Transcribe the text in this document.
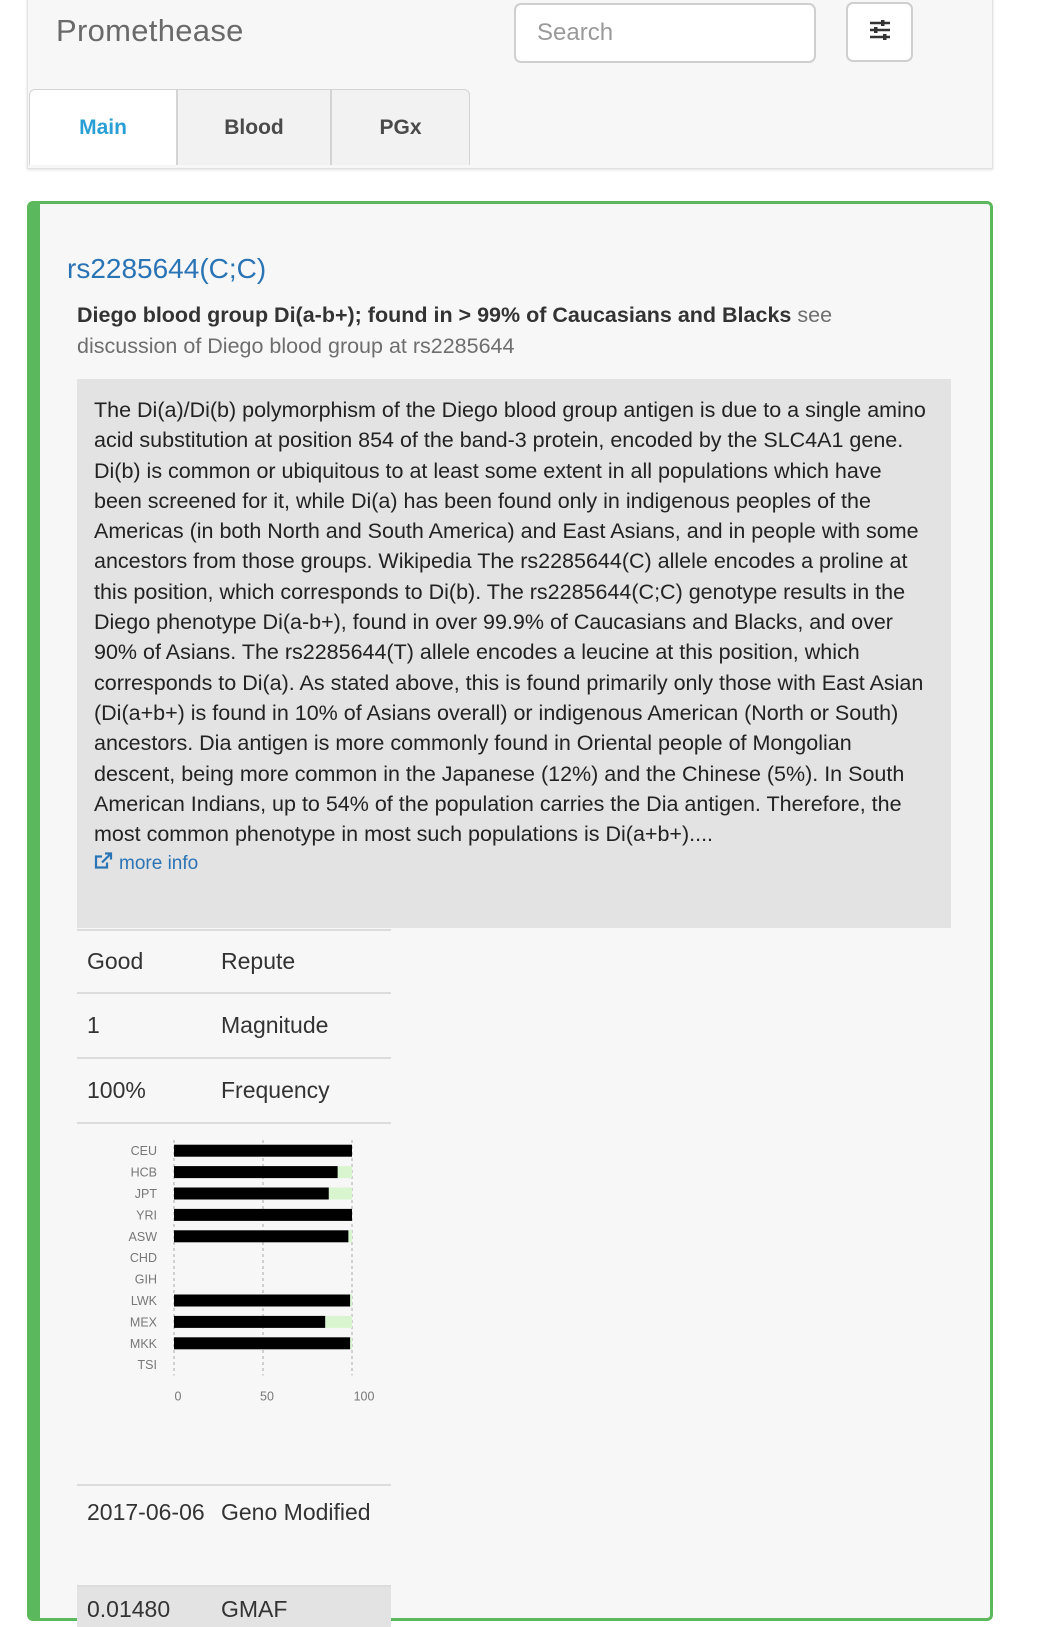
Promethease
Search
Main	Blood	PGx
rs2285644(C;C)
Diego blood group Di(a-b+); found in > 99% of Caucasians and Blacks see discussion of Diego blood group at rs2285644

The Di(a)/Di(b) polymorphism of the Diego blood group antigen is due to a single amino acid substitution at position 854 of the band-3 protein, encoded by the SLC4A1 gene. Di(b) is common or ubiquitous to at least some extent in all populations which have been screened for it, while Di(a) has been found only in indigenous peoples of the Americas (in both North and South America) and East Asians, and in people with some ancestors from those groups. Wikipedia The rs2285644(C) allele encodes a proline at this position, which corresponds to Di(b). The rs2285644(C;C) genotype results in the Diego phenotype Di(a-b+), found in over 99.9% of Caucasians and Blacks, and over 90% of Asians. The rs2285644(T) allele encodes a leucine at this position, which corresponds to Di(a). As stated above, this is found primarily only those with East Asian (Di(a+b+) is found in 10% of Asians overall) or indigenous American (North or South) ancestors. Dia antigen is more commonly found in Oriental people of Mongolian descent, being more common in the Japanese (12%) and the Chinese (5%). In South American Indians, up to 54% of the population carries the Dia antigen. Therefore, the most common phenotype in most such populations is Di(a+b+)....

more info
Good	Repute
1	Magnitude
100%	Frequency
CEU
HCB
JPT
YRI
ASW
CHD
GIH
LWK
MEX
MKK
TSI
0	50	100
2017-06-06 Geno Modified
0.01480	GMAF
